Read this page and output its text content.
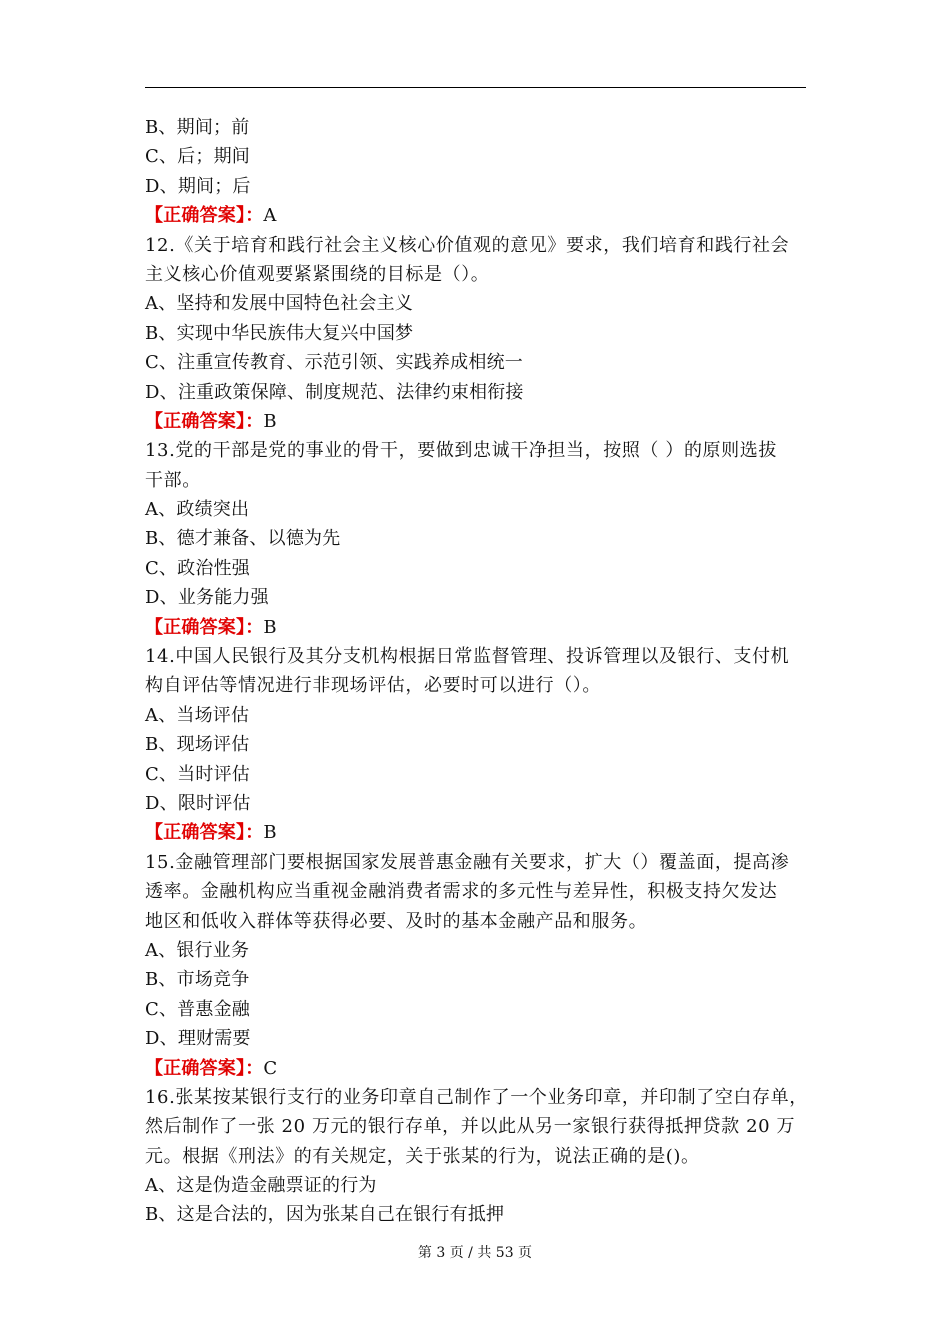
B、期间；前
C、后；期间
D、期间；后
【正确答案】：A
12.《关于培育和践行社会主义核心价值观的意见》要求，我们培育和践行社会
主义核心价值观要紧紧围绕的目标是（）。
A、坚持和发展中国特色社会主义
B、实现中华民族伟大复兴中国梦
C、注重宣传教育、示范引领、实践养成相统一
D、注重政策保障、制度规范、法律约束相衔接
【正确答案】：B
13.党的干部是党的事业的骨干，要做到忠诚干净担当，按照（ ）的原则选拔
干部。
A、政绩突出
B、德才兼备、以德为先
C、政治性强
D、业务能力强
【正确答案】：B
14.中国人民银行及其分支机构根据日常监督管理、投诉管理以及银行、支付机
构自评估等情况进行非现场评估，必要时可以进行（）。
A、当场评估
B、现场评估
C、当时评估
D、限时评估
【正确答案】：B
15.金融管理部门要根据国家发展普惠金融有关要求，扩大（）覆盖面，提高渗
透率。金融机构应当重视金融消费者需求的多元性与差异性，积极支持欠发达
地区和低收入群体等获得必要、及时的基本金融产品和服务。
A、银行业务
B、市场竞争
C、普惠金融
D、理财需要
【正确答案】：C
16.张某按某银行支行的业务印章自己制作了一个业务印章，并印制了空白存单，
然后制作了一张 20 万元的银行存单，并以此从另一家银行获得抵押贷款 20 万
元。根据《刑法》的有关规定，关于张某的行为，说法正确的是()。
A、这是伪造金融票证的行为
B、这是合法的，因为张某自己在银行有抵押
第 3 页 / 共 53 页
